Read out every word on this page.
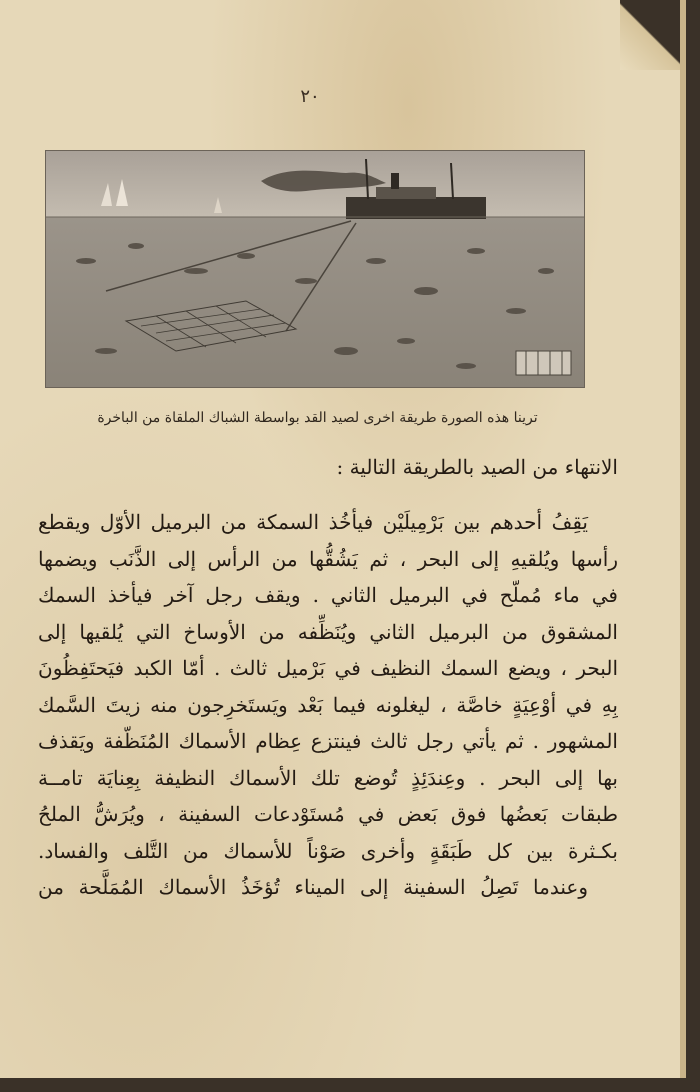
٢٠
ترينا هذه الصورة طريقة اخرى لصيد القد بواسطة الشباك الملقاة من الباخرة

الانتهاء من الصيد بالطريقة التالية :

يَقِفُ أحدهم بين بَرْمِيلَيْن فيأخُذ السمكة من البرميل الأوّل ويقطع

رأسها ويُلقيهِ إلى البحر ، ثم يَشُقُّها من الرأس إلى الذَّنَب ويضمها

في ماء مُملّح في البرميل الثاني . ويقف رجل آخر فيأخذ السمك

المشقوق من البرميل الثاني ويُنَظِّفه من الأوساخ التي يُلقيها إلى

البحر ، ويضع السمك النظيف في بَرْميل ثالث . أمّا الكبد فيَحتَفِظُونَ

بِهِ في أوْعِيَةٍ خاصَّة ، ليغلونه فيما بَعْد ويَستَخرِجون منه زيتَ السَّمك

المشهور . ثم يأتي رجل ثالث فينتزع عِظام الأسماك المُنَظّفة ويَقذف

بها إلى البحر . وعِندَئِذٍ تُوضع تلك الأسماك النظيفة بِعِنايَة تامــة

طبقات بَعضُها فوق بَعض في مُستَوْدعات السفينة ، ويُرَشُّ الملحُ

بكـثرة بين كل طَبَقَةٍ وأخرى صَوْناً للأسماك من التَّلف والفساد.

وعندما تَصِلُ السفينة إلى الميناء تُؤخَذُ الأسماك المُمَلَّحة من
